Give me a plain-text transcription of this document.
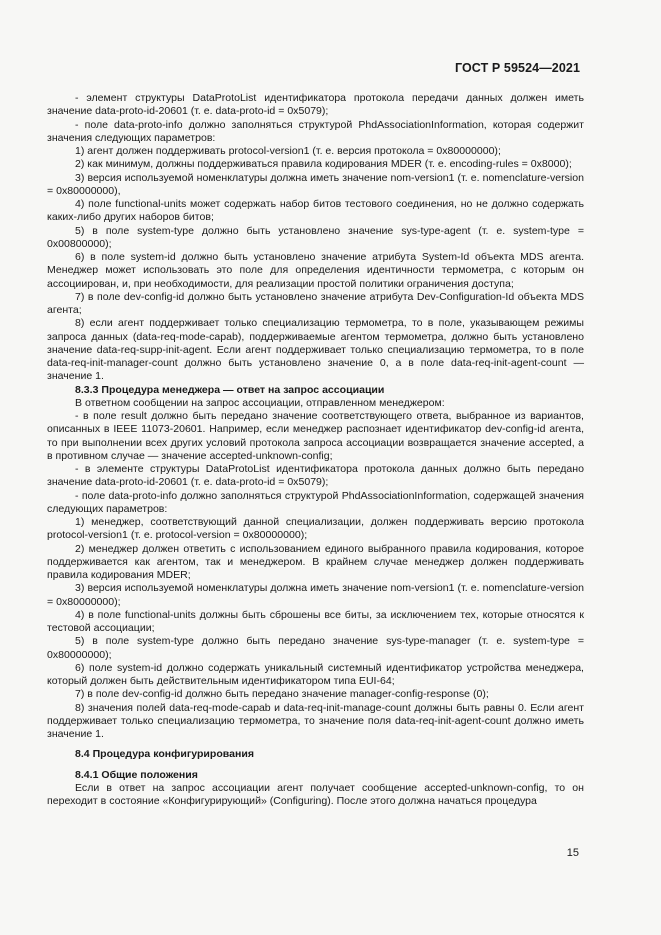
ГОСТ Р 59524—2021

- элемент структуры DataProtoList идентификатора протокола передачи данных должен иметь значение data-proto-id-20601 (т. е. data-proto-id = 0x5079);

- поле data-proto-info должно заполняться структурой PhdAssociationInformation, которая содержит значения следующих параметров:

1) агент должен поддерживать protocol-version1 (т. е. версия протокола = 0x80000000);

2) как минимум, должны поддерживаться правила кодирования MDER (т. е. encoding-rules = 0x8000);

3) версия используемой номенклатуры должна иметь значение nom-version1 (т. е. nomenclature-version = 0x80000000),

4) поле functional-units может содержать набор битов тестового соединения, но не должно содержать каких-либо других наборов битов;

5) в поле system-type должно быть установлено значение sys-type-agent (т. е. system-type = 0x00800000);

6) в поле system-id должно быть установлено значение атрибута System-Id объекта MDS агента. Менеджер может использовать это поле для определения идентичности термометра, с которым он ассоциирован, и, при необходимости, для реализации простой политики ограничения доступа;

7) в поле dev-config-id должно быть установлено значение атрибута Dev-Configuration-Id объекта MDS агента;

8) если агент поддерживает только специализацию термометра, то в поле, указывающем режимы запроса данных (data-req-mode-capab), поддерживаемые агентом термометра, должно быть установлено значение data-req-supp-init-agent. Если агент поддерживает только специализацию термометра, то в поле data-req-init-manager-count должно быть установлено значение 0, а в поле data-req-init-agent-count — значение 1.

8.3.3 Процедура менеджера — ответ на запрос ассоциации

В ответном сообщении на запрос ассоциации, отправленном менеджером:

- в поле result должно быть передано значение соответствующего ответа, выбранное из вариантов, описанных в IEEE 11073-20601. Например, если менеджер распознает идентификатор dev-config-id агента, то при выполнении всех других условий протокола запроса ассоциации возвращается значение accepted, а в противном случае — значение accepted-unknown-config;

- в элементе структуры DataProtoList идентификатора протокола данных должно быть передано значение data-proto-id-20601 (т. е. data-proto-id = 0x5079);

- поле data-proto-info должно заполняться структурой PhdAssociationInformation, содержащей значения следующих параметров:

1) менеджер, соответствующий данной специализации, должен поддерживать версию протокола protocol-version1 (т. е. protocol-version = 0x80000000);

2) менеджер должен ответить с использованием единого выбранного правила кодирования, которое поддерживается как агентом, так и менеджером. В крайнем случае менеджер должен поддерживать правила кодирования MDER;

3) версия используемой номенклатуры должна иметь значение nom-version1 (т. е. nomenclature-version = 0x80000000);

4) в поле functional-units должны быть сброшены все биты, за исключением тех, которые относятся к тестовой ассоциации;

5) в поле system-type должно быть передано значение sys-type-manager (т. е. system-type = 0x80000000);

6) поле system-id должно содержать уникальный системный идентификатор устройства менеджера, который должен быть действительным идентификатором типа EUI-64;

7) в поле dev-config-id должно быть передано значение manager-config-response (0);

8) значения полей data-req-mode-capab и data-req-init-manage-count должны быть равны 0. Если агент поддерживает только специализацию термометра, то значение поля data-req-init-agent-count должно иметь значение 1.

8.4 Процедура конфигурирования

8.4.1 Общие положения

Если в ответ на запрос ассоциации агент получает сообщение accepted-unknown-config, то он переходит в состояние «Конфигурирующий» (Configuring). После этого должна начаться процедура

15
